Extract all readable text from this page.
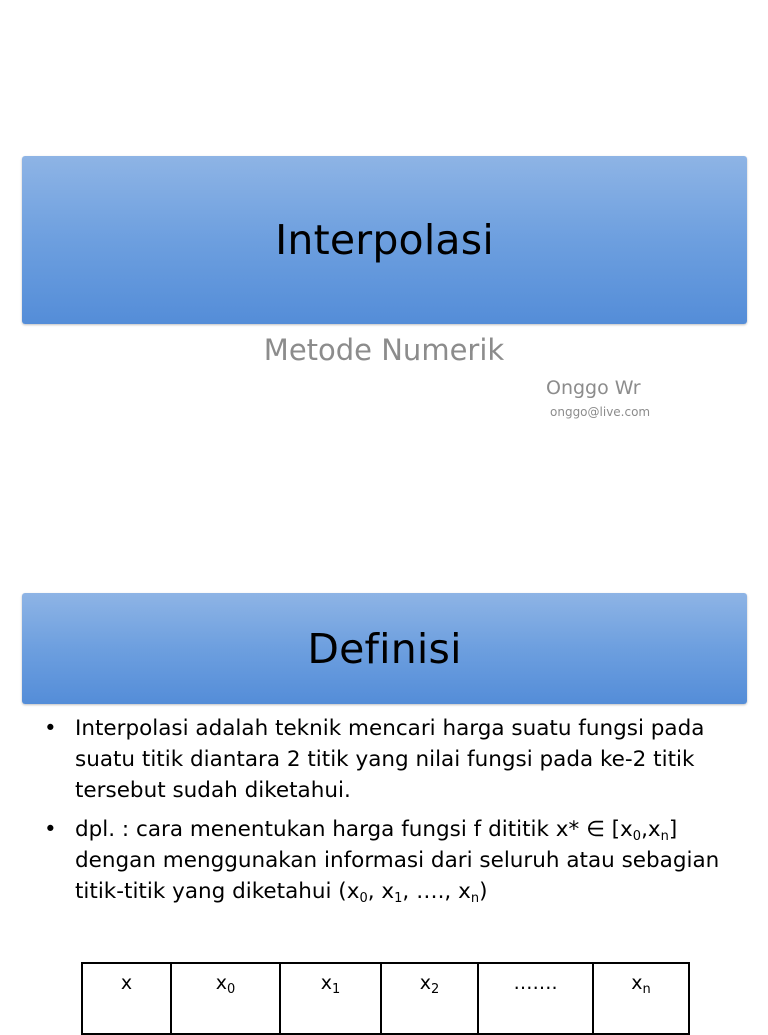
Interpolasi
Metode Numerik
Onggo Wr
onggo@live.com
Definisi
• Interpolasi adalah teknik mencari harga suatu fungsi pada suatu titik diantara 2 titik yang nilai fungsi pada ke-2 titik tersebut sudah diketahui.
• dpl. : cara menentukan harga fungsi f dititik x* ∈ $[x_0,x_n]$ dengan menggunakan informasi dari seluruh atau sebagian titik-titik yang diketahui ($x_0$, $x_1$, …., $x_n$)
x	$x_0$	$x_1$	$x_2$	…….	$x_n$
